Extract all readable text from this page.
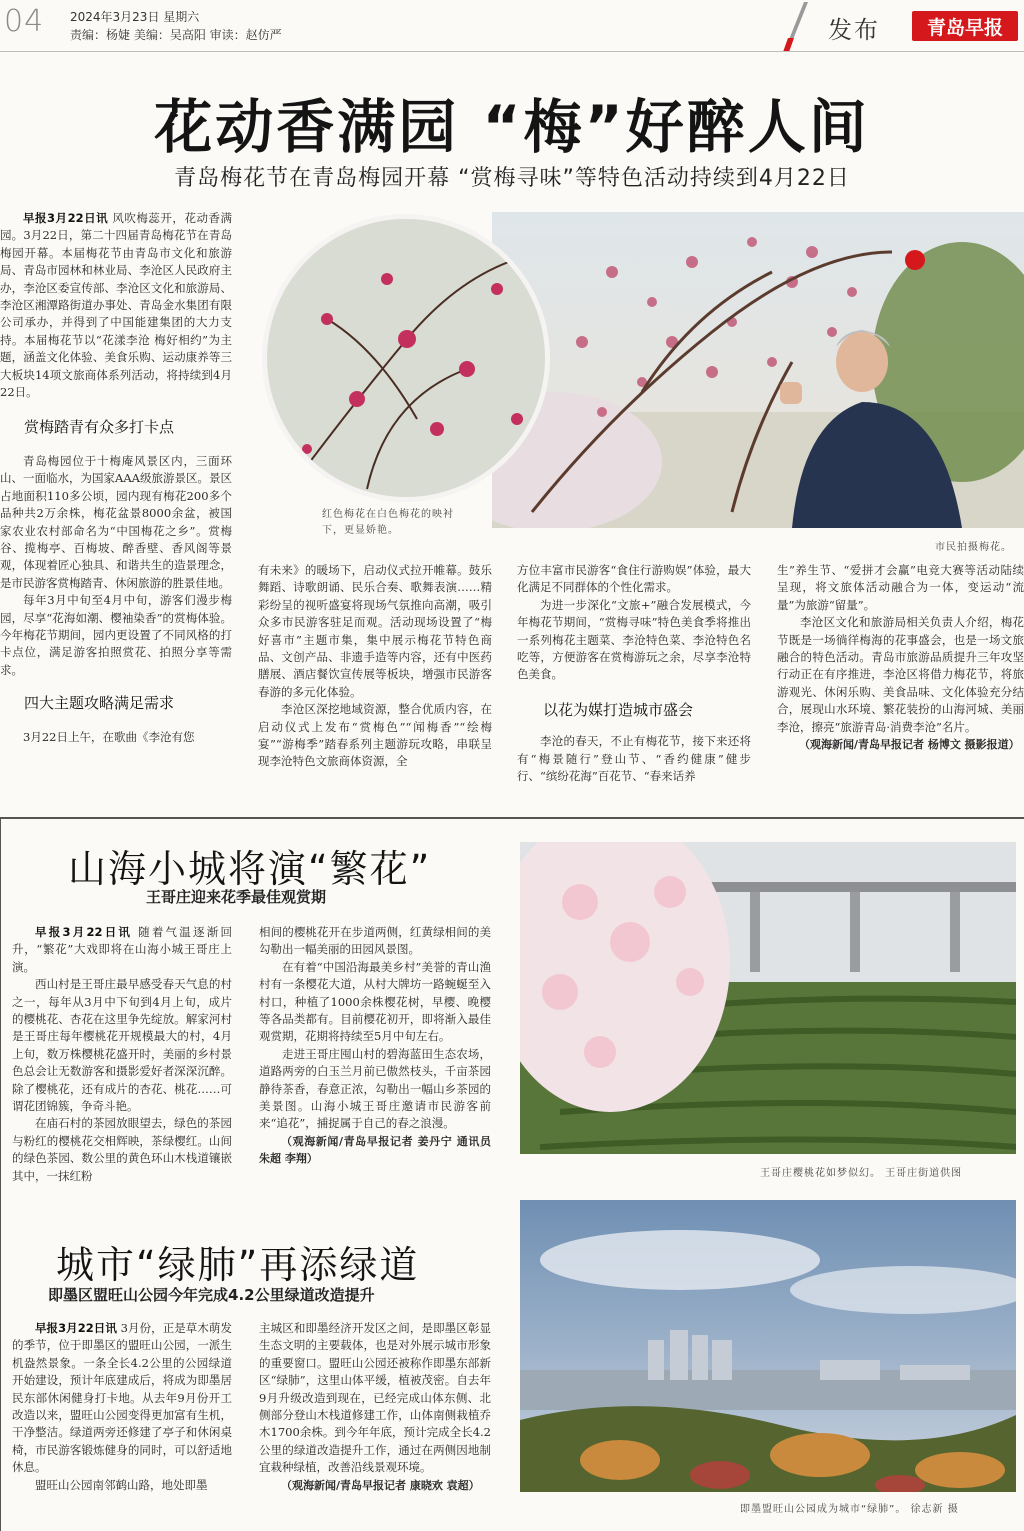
04 2024年3月23日 星期六
责编：杨婕 美编：吴高阳 审读：赵仿严	发布	青岛早报
花动香满园 “梅”好醉人间
青岛梅花节在青岛梅园开幕 “赏梅寻味”等特色活动持续到4月22日
市民拍摄梅花。
红色梅花在白色梅花的映衬下，更显娇艳。

早报3月22日讯 风吹梅蕊开，花动香满园。3月22日，第二十四届青岛梅花节在青岛梅园开幕。本届梅花节由青岛市文化和旅游局、青岛市园林和林业局、李沧区人民政府主办，李沧区委宣传部、李沧区文化和旅游局、李沧区湘潭路街道办事处、青岛金水集团有限公司承办，并得到了中国能建集团的大力支持。本届梅花节以“花漾李沧 梅好相约”为主题，涵盖文化体验、美食乐购、运动康养等三大板块14项文旅商体系列活动，将持续到4月22日。

赏梅踏青有众多打卡点

青岛梅园位于十梅庵风景区内，三面环山、一面临水，为国家AAA级旅游景区。景区占地面积110多公顷，园内现有梅花200多个品种共2万余株，梅花盆景8000余盆，被国家农业农村部命名为“中国梅花之乡”。赏梅谷、揽梅亭、百梅坡、醉香壁、香风阁等景观，体现着匠心独具、和谐共生的造景理念，是市民游客赏梅踏青、休闲旅游的胜景佳地。

每年3月中旬至4月中旬，游客们漫步梅园，尽享“花海如潮、樱袖染香”的赏梅体验。今年梅花节期间，园内更设置了不同风格的打卡点位，满足游客拍照赏花、拍照分享等需求。

四大主题攻略满足需求

3月22日上午，在歌曲《李沧有您

有未来》的暖场下，启动仪式拉开帷幕。鼓乐舞蹈、诗歌朗诵、民乐合奏、歌舞表演……精彩纷呈的视听盛宴将现场气氛推向高潮，吸引众多市民游客驻足而观。活动现场设置了“梅好喜市”主题市集，集中展示梅花节特色商品、文创产品、非遗手造等内容，还有中医药膳展、酒店餐饮宣传展等板块，增强市民游客春游的多元化体验。

李沧区深挖地域资源，整合优质内容，在启动仪式上发布“赏梅色”“闻梅香”“绘梅宴”“游梅季”踏春系列主题游玩攻略，串联呈现李沧特色文旅商体资源，全

方位丰富市民游客“食住行游购娱”体验，最大化满足不同群体的个性化需求。

为进一步深化“文旅+”融合发展模式，今年梅花节期间，“赏梅寻味”特色美食季将推出一系列梅花主题菜、李沧特色菜、李沧特色名吃等，方便游客在赏梅游玩之余，尽享李沧特色美食。

以花为媒打造城市盛会

李沧的春天，不止有梅花节，接下来还将有“梅景随行”登山节、“香约健康”健步行、“缤纷花海”百花节、“春来话养

生”养生节、“爱拼才会赢”电竞大赛等活动陆续呈现，将文旅体活动融合为一体，变运动“流量”为旅游“留量”。

李沧区文化和旅游局相关负责人介绍，梅花节既是一场徜徉梅海的花事盛会，也是一场文旅融合的特色活动。青岛市旅游品质提升三年攻坚行动正在有序推进，李沧区将借力梅花节，将旅游观光、休闲乐购、美食品味、文化体验充分结合，展现山水环境、繁花装扮的山海河城、美丽李沧，擦亮“旅游青岛·消费李沧”名片。

（观海新闻/青岛早报记者 杨博文 摄影报道）

山海小城将演“繁花”
王哥庄迎来花季最佳观赏期

早报3月22日讯 随着气温逐渐回升，“繁花”大戏即将在山海小城王哥庄上演。

西山村是王哥庄最早感受春天气息的村之一，每年从3月中下旬到4月上旬，成片的樱桃花、杏花在这里争先绽放。解家河村是王哥庄每年樱桃花开规模最大的村，4月上旬，数万株樱桃花盛开时，美丽的乡村景色总会让无数游客和摄影爱好者深深沉醉。除了樱桃花，还有成片的杏花、桃花……可谓花团锦簇，争奇斗艳。

在庙石村的茶园放眼望去，绿色的茶园与粉红的樱桃花交相辉映，茶绿樱红。山间的绿色茶园、数公里的黄色环山木栈道镶嵌其中，一抹红粉

相间的樱桃花开在步道两侧，红黄绿相间的美勾勒出一幅美丽的田园风景图。

在有着“中国沿海最美乡村”美誉的青山渔村有一条樱花大道，从村大牌坊一路蜿蜒至入村口，种植了1000余株樱花树，早樱、晚樱等各品类都有。目前樱花初开，即将渐入最佳观赏期，花期将持续至5月中旬左右。

走进王哥庄囤山村的碧海蓝田生态农场，道路两旁的白玉兰月前已傲然枝头，千亩茶园静待茶香，春意正浓，勾勒出一幅山乡茶园的美景图。山海小城王哥庄邀请市民游客前来“追花”，捕捉属于自己的春之浪漫。

（观海新闻/青岛早报记者 姜丹宁 通讯员 朱超 李翔）

王哥庄樱桃花如梦似幻。 王哥庄街道供图
城市“绿肺”再添绿道
即墨区盟旺山公园今年完成4.2公里绿道改造提升

早报3月22日讯 3月份，正是草木萌发的季节，位于即墨区的盟旺山公园，一派生机盎然景象。一条全长4.2公里的公园绿道开始建设，预计年底建成后，将成为即墨居民东部休闲健身打卡地。从去年9月份开工改造以来，盟旺山公园变得更加富有生机，干净整洁。绿道两旁还修建了亭子和休闲桌椅，市民游客锻炼健身的同时，可以舒适地休息。

盟旺山公园南邻鹤山路，地处即墨

主城区和即墨经济开发区之间，是即墨区彰显生态文明的主要载体，也是对外展示城市形象的重要窗口。盟旺山公园还被称作即墨东部新区“绿肺”，这里山体平缓，植被茂密。自去年9月升级改造到现在，已经完成山体东侧、北侧部分登山木栈道修建工作，山体南侧栽植乔木1700余株。到今年年底，预计完成全长4.2公里的绿道改造提升工作，通过在两侧因地制宜栽种绿植，改善沿线景观环境。

（观海新闻/青岛早报记者 康晓欢 袁超）

即墨盟旺山公园成为城市“绿肺”。 徐志新 摄
